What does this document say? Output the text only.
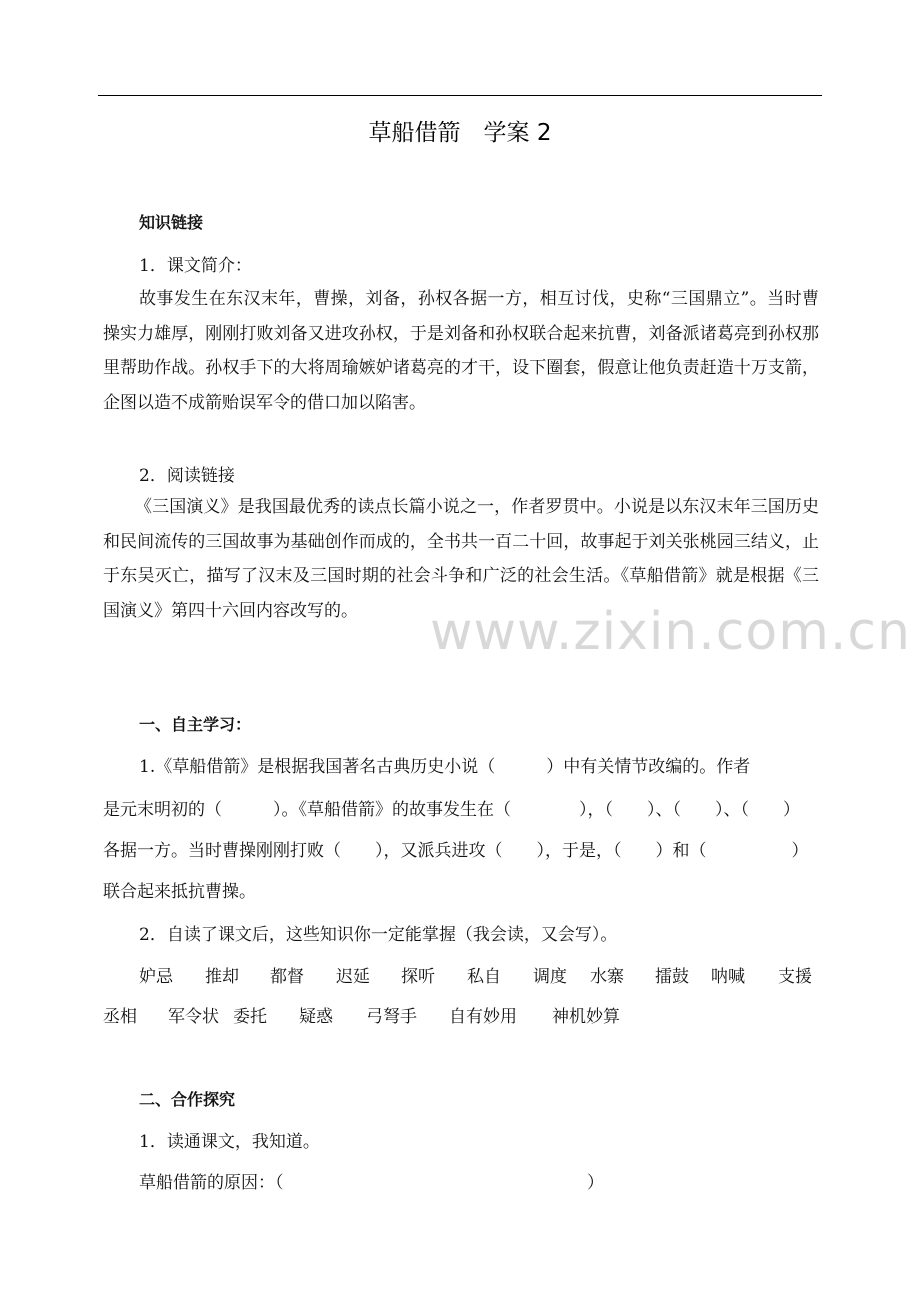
草船借箭　学案 2
www.zixin.com.cn
知识链接
1．课文简介：
故事发生在东汉末年，曹操，刘备，孙权各据一方，相互讨伐，史称“三国鼎立”。当时曹操实力雄厚，刚刚打败刘备又进攻孙权，于是刘备和孙权联合起来抗曹，刘备派诸葛亮到孙权那里帮助作战。孙权手下的大将周瑜嫉妒诸葛亮的才干，设下圈套，假意让他负责赶造十万支箭，企图以造不成箭贻误军令的借口加以陷害。
2．阅读链接
《三国演义》是我国最优秀的读点长篇小说之一，作者罗贯中。小说是以东汉末年三国历史和民间流传的三国故事为基础创作而成的，全书共一百二十回，故事起于刘关张桃园三结义，止于东吴灭亡，描写了汉末及三国时期的社会斗争和广泛的社会生活。《草船借箭》就是根据《三国演义》第四十六回内容改写的。
一、自主学习：
1.《草船借箭》是根据我国著名古典历史小说（　　　）中有关情节改编的。作者
是元末明初的（　　　）。《草船借箭》的故事发生在（　　　　），（　　）、（　　）、（　　）
各据一方。当时曹操刚刚打败（　　），又派兵进攻（　　），于是，（　　）和（　　　　　）
联合起来抵抗曹操。
2．自读了课文后，这些知识你一定能掌握（我会读，又会写）。
妒忌 推却 都督 迟延 探听 私自 调度 水寨 擂鼓 呐喊 支援
丞相 军令状 委托 疑惑 弓弩手 自有妙用 神机妙算
二、合作探究
1．读通课文，我知道。
草船借箭的原因：（	）
